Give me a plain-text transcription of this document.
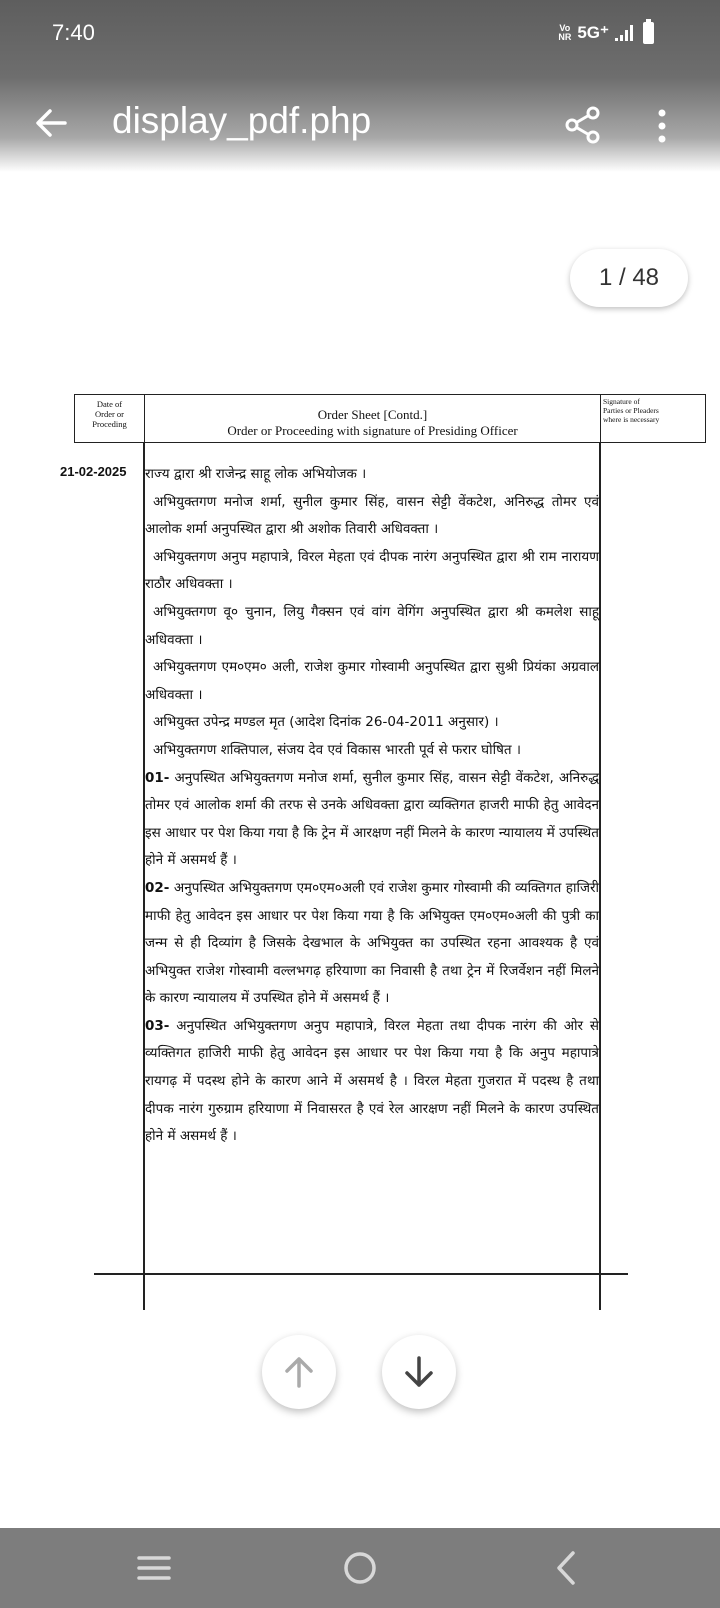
7:40	Vo
NR 5G⁺
display_pdf.php
1 / 48
Date of
Order or
Proceding
Order Sheet [Contd.]
Order or Proceeding with signature of Presiding Officer
Signature of
Parties or Pleaders
where is necessary
21-02-2025 राज्य द्वारा श्री राजेन्द्र साहू लोक अभियोजक ।

अभियुक्तगण मनोज शर्मा, सुनील कुमार सिंह, वासन सेट्टी वेंकटेश, अनिरुद्ध तोमर एवं आलोक शर्मा अनुपस्थित द्वारा श्री अशोक तिवारी अधिवक्ता ।

अभियुक्तगण अनुप महापात्रे, विरल मेहता एवं दीपक नारंग अनुपस्थित द्वारा श्री राम नारायण राठौर अधिवक्ता ।

अभियुक्तगण वू० चुनान, लियु गैक्सन एवं वांग वेगिंग अनुपस्थित द्वारा श्री कमलेश साहू अधिवक्ता ।

अभियुक्तगण एम०एम० अली, राजेश कुमार गोस्वामी अनुपस्थित द्वारा सुश्री प्रियंका अग्रवाल अधिवक्ता ।

अभियुक्त उपेन्द्र मण्डल मृत (आदेश दिनांक 26-04-2011 अनुसार) ।

अभियुक्तगण शक्तिपाल, संजय देव एवं विकास भारती पूर्व से फरार घोषित ।

01- अनुपस्थित अभियुक्तगण मनोज शर्मा, सुनील कुमार सिंह, वासन सेट्टी वेंकटेश, अनिरुद्ध तोमर एवं आलोक शर्मा की तरफ से उनके अधिवक्ता द्वारा व्यक्तिगत हाजरी माफी हेतु आवेदन इस आधार पर पेश किया गया है कि ट्रेन में आरक्षण नहीं मिलने के कारण न्यायालय में उपस्थित होने में असमर्थ हैं ।

02- अनुपस्थित अभियुक्तगण एम०एम०अली एवं राजेश कुमार गोस्वामी की व्यक्तिगत हाजिरी माफी हेतु आवेदन इस आधार पर पेश किया गया है कि अभियुक्त एम०एम०अली की पुत्री का जन्म से ही दिव्यांग है जिसके देखभाल के अभियुक्त का उपस्थित रहना आवश्यक है एवं अभियुक्त राजेश गोस्वामी वल्लभगढ़ हरियाणा का निवासी है तथा ट्रेन में रिजर्वेशन नहीं मिलने के कारण न्यायालय में उपस्थित होने में असमर्थ हैं ।

03- अनुपस्थित अभियुक्तगण अनुप महापात्रे, विरल मेहता तथा दीपक नारंग की ओर से व्यक्तिगत हाजिरी माफी हेतु आवेदन इस आधार पर पेश किया गया है कि अनुप महापात्रे रायगढ़ में पदस्थ होने के कारण आने में असमर्थ है । विरल मेहता गुजरात में पदस्थ है तथा दीपक नारंग गुरुग्राम हरियाणा में निवासरत है एवं रेल आरक्षण नहीं मिलने के कारण उपस्थित होने में असमर्थ हैं ।
